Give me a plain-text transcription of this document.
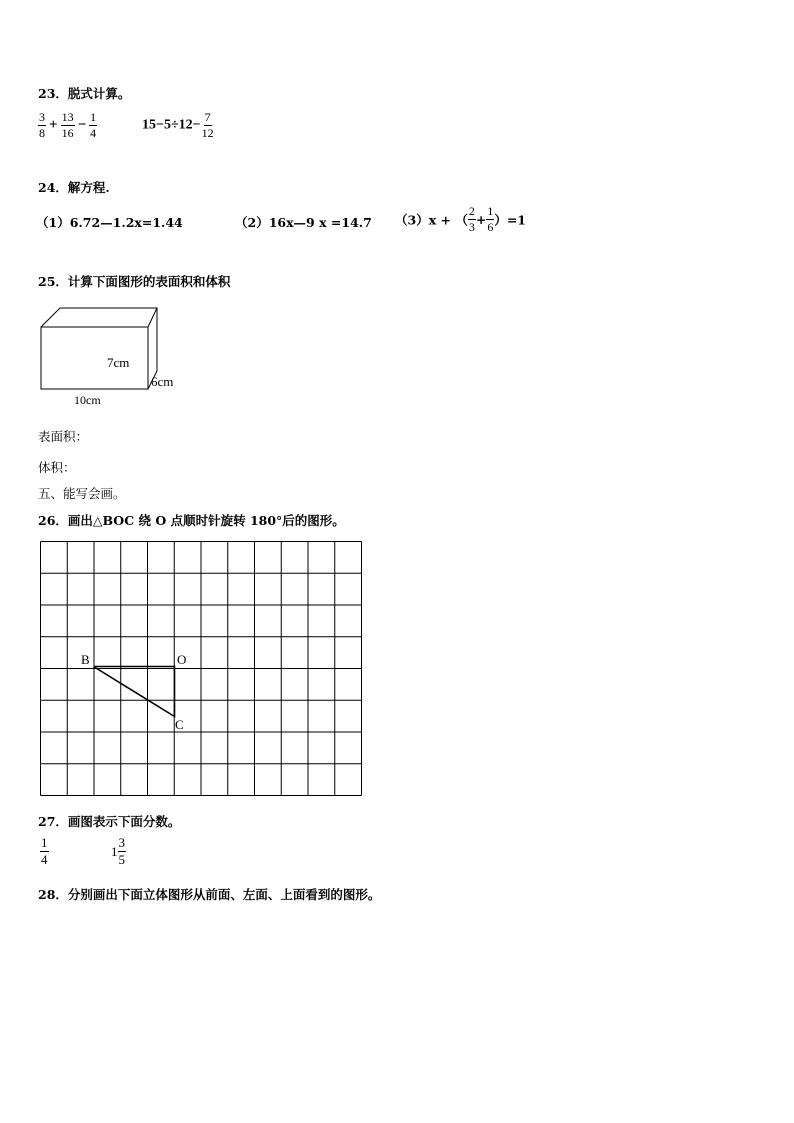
23．脱式计算。
$\frac{3}{8} + \frac{13}{16} - \frac{1}{4}$	$15-5\div 12- \frac{7}{12}$
24．解方程.
（1）6.72—1.2x=1.44	（2）16x—9 x =14.7 （3）x + （ $\frac{2}{3} + \frac{1}{6} )=1$
25．计算下面图形的表面积和体积
7cm
6cm
10cm
表面积：
体积：
五、能写会画。
26．画出△BOC 绕 O 点顺时针旋转 180°后的图形。
B	O
C
27．画图表示下面分数。
$\frac{1}{4}$	$1 \frac{3}{5}$
28．分别画出下面立体图形从前面、左面、上面看到的图形。
